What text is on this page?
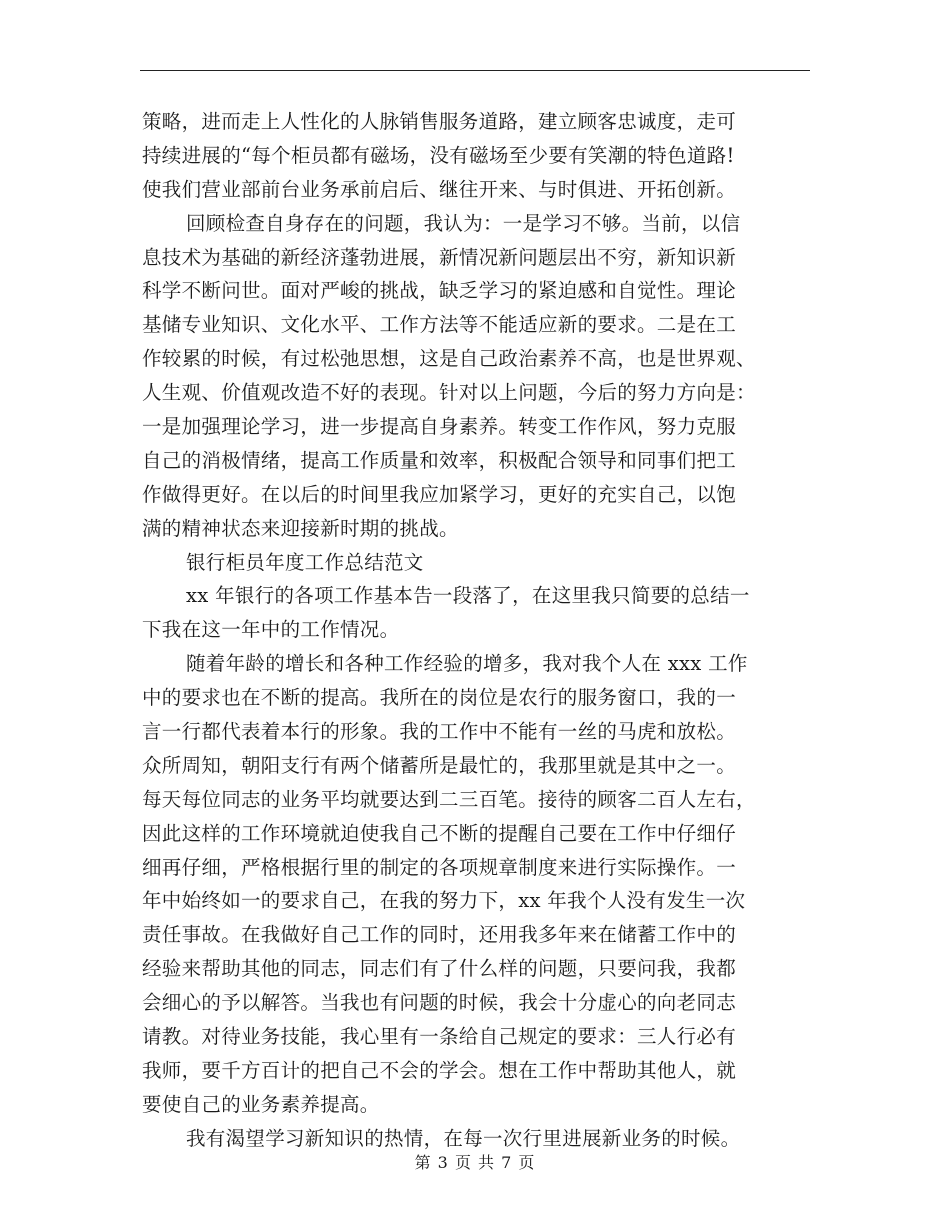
策略，进而走上人性化的人脉销售服务道路，建立顾客忠诚度，走可
持续进展的“每个柜员都有磁场，没有磁场至少要有笑潮的特色道路!
使我们营业部前台业务承前启后、继往开来、与时俱进、开拓创新。
回顾检查自身存在的问题，我认为：一是学习不够。当前，以信
息技术为基础的新经济蓬勃进展，新情况新问题层出不穷，新知识新
科学不断问世。面对严峻的挑战，缺乏学习的紧迫感和自觉性。理论
基储专业知识、文化水平、工作方法等不能适应新的要求。二是在工
作较累的时候，有过松弛思想，这是自己政治素养不高，也是世界观、
人生观、价值观改造不好的表现。针对以上问题，今后的努力方向是：
一是加强理论学习，进一步提高自身素养。转变工作作风，努力克服
自己的消极情绪，提高工作质量和效率，积极配合领导和同事们把工
作做得更好。在以后的时间里我应加紧学习，更好的充实自己，以饱
满的精神状态来迎接新时期的挑战。
银行柜员年度工作总结范文
xx 年银行的各项工作基本告一段落了，在这里我只简要的总结一
下我在这一年中的工作情况。
随着年龄的增长和各种工作经验的增多，我对我个人在 xxx 工作
中的要求也在不断的提高。我所在的岗位是农行的服务窗口，我的一
言一行都代表着本行的形象。我的工作中不能有一丝的马虎和放松。
众所周知，朝阳支行有两个储蓄所是最忙的，我那里就是其中之一。
每天每位同志的业务平均就要达到二三百笔。接待的顾客二百人左右，
因此这样的工作环境就迫使我自己不断的提醒自己要在工作中仔细仔
细再仔细，严格根据行里的制定的各项规章制度来进行实际操作。一
年中始终如一的要求自己，在我的努力下，xx 年我个人没有发生一次
责任事故。在我做好自己工作的同时，还用我多年来在储蓄工作中的
经验来帮助其他的同志，同志们有了什么样的问题，只要问我，我都
会细心的予以解答。当我也有问题的时候，我会十分虚心的向老同志
请教。对待业务技能，我心里有一条给自己规定的要求：三人行必有
我师，要千方百计的把自己不会的学会。想在工作中帮助其他人，就
要使自己的业务素养提高。
我有渴望学习新知识的热情，在每一次行里进展新业务的时候。
第 3 页 共 7 页
